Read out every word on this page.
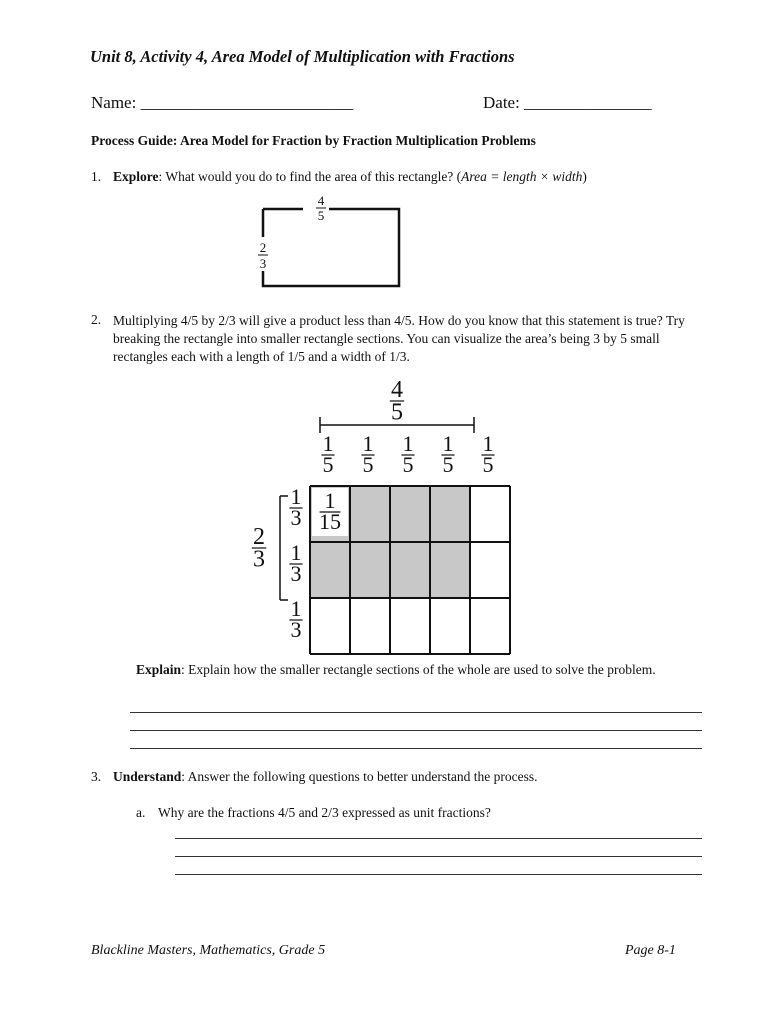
Unit 8, Activity 4, Area Model of Multiplication with Fractions
Name: _________________________	Date: _______________
Process Guide: Area Model for Fraction by Fraction Multiplication Problems
1. Explore: What would you do to find the area of this rectangle? (Area = length × width)
4
5
2
3
2. Multiplying 4/5 by 2/3 will give a product less than 4/5. How do you know that this statement is true? Try breaking the rectangle into smaller rectangle sections. You can visualize the area’s being 3 by 5 small rectangles each with a length of 1/5 and a width of 1/3.
1
15
4
5
1
5
1
5
1
5
1
5
1
5
2
3
1
3
1
3
1
3
Explain: Explain how the smaller rectangle sections of the whole are used to solve the problem.
3. Understand: Answer the following questions to better understand the process.
a. Why are the fractions 4/5 and 2/3 expressed as unit fractions?
Blackline Masters, Mathematics, Grade 5	Page 8-1
